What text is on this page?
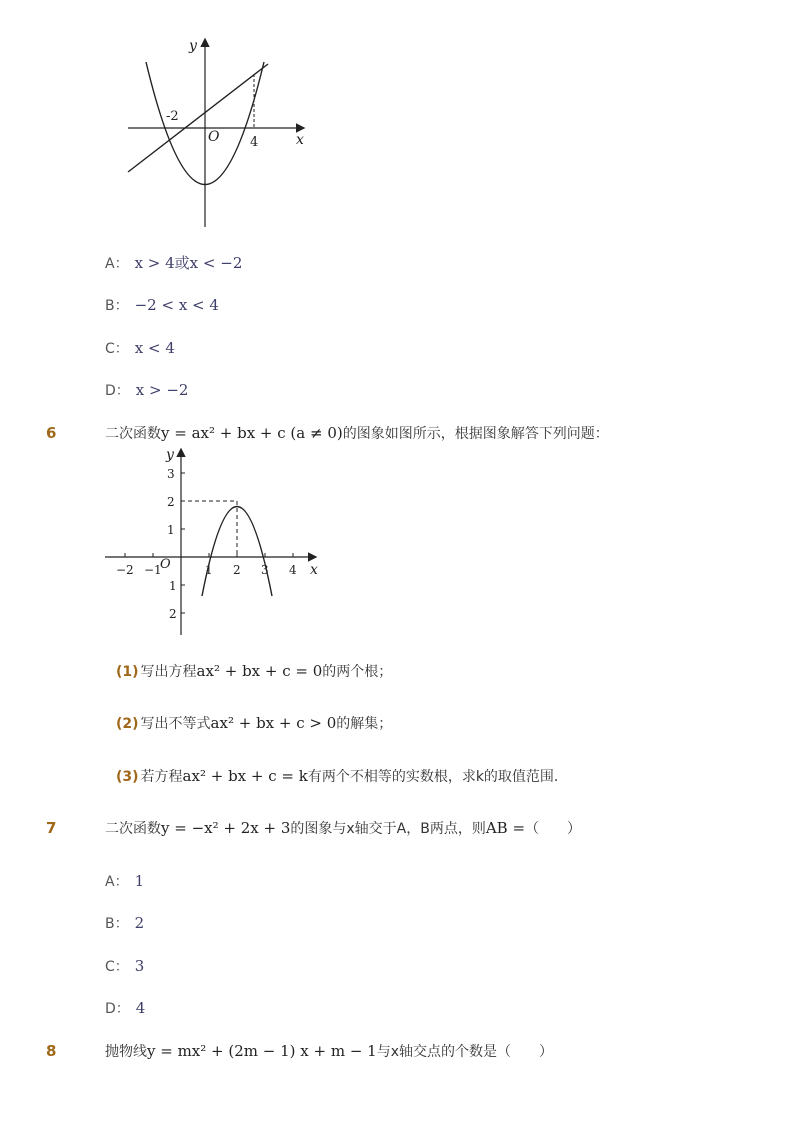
y
x
O
-2
4
A： x > 4或x < −2
B： −2 < x < 4
C： x < 4
D： x > −2
6	二次函数y = ax² + bx + c (a ≠ 0)的图象如图所示，根据图象解答下列问题：
y
x
O
3
2
1
1
2
−2 −1	1 2 3 4
(1) 写出方程ax² + bx + c = 0的两个根；
(2) 写出不等式ax² + bx + c > 0的解集；
(3) 若方程ax² + bx + c = k有两个不相等的实数根，求k的取值范围．
7	二次函数y = −x² + 2x + 3的图象与x轴交于A，B两点，则AB =（　　）
A： 1
B： 2
C： 3
D： 4
8	抛物线y = mx² + (2m − 1) x + m − 1与x轴交点的个数是（　　）
